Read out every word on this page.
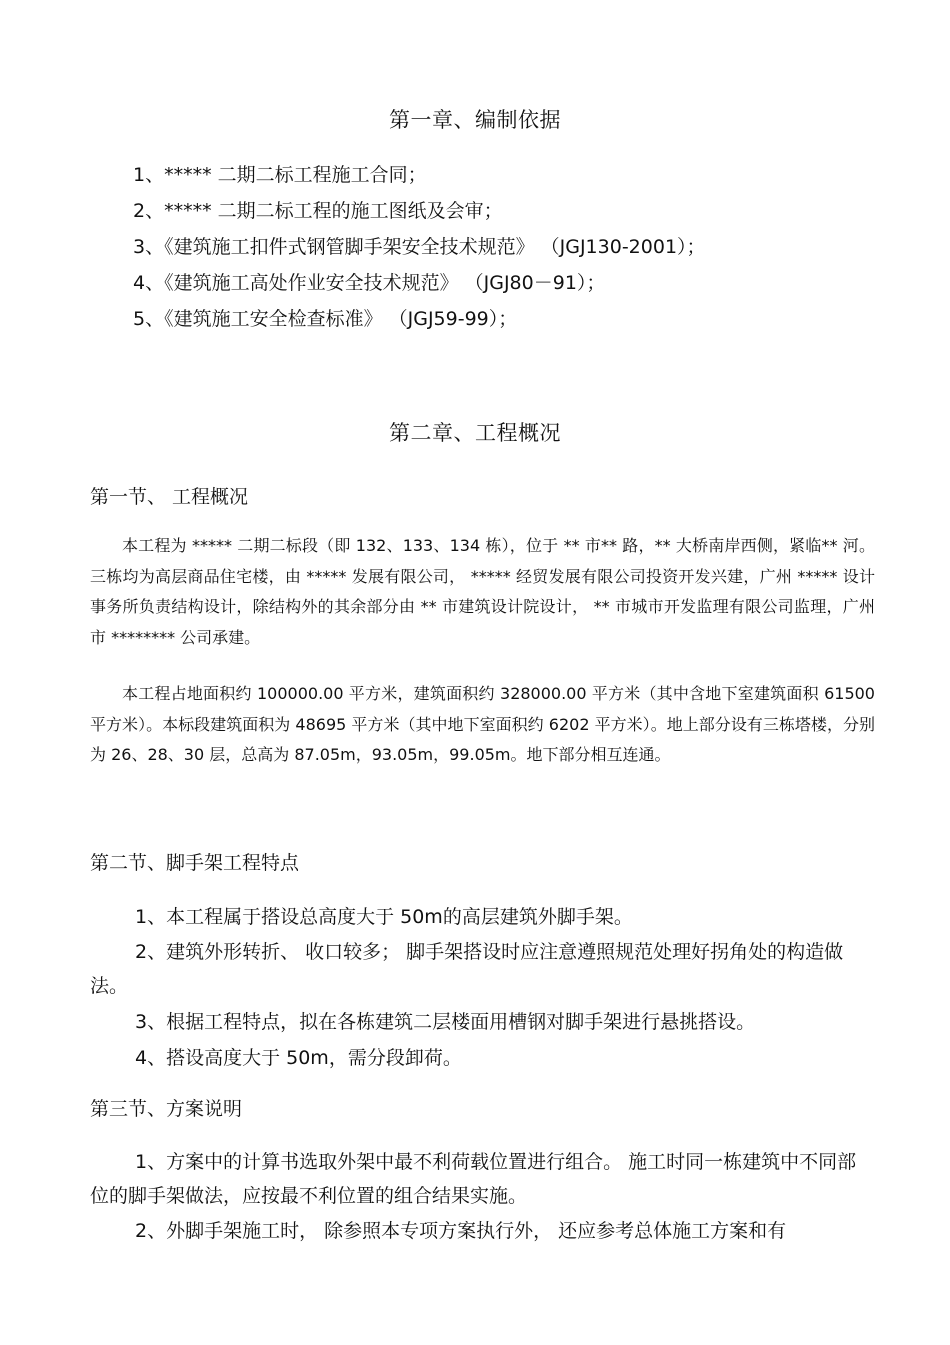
第一章、编制依据
1、***** 二期二标工程施工合同；
2、***** 二期二标工程的施工图纸及会审；
3、《建筑施工扣件式钢管脚手架安全技术规范》 （JGJ130-2001）；
4、《建筑施工高处作业安全技术规范》 （JGJ80－91）；
5、《建筑施工安全检查标准》 （JGJ59-99）；
第二章、工程概况
第一节、 工程概况

本工程为 ***** 二期二标段（即 132、133、134 栋），位于 ** 市** 路，** 大桥南岸西侧，紧临** 河。三栋均为高层商品住宅楼，由 ***** 发展有限公司， ***** 经贸发展有限公司投资开发兴建，广州 ***** 设计事务所负责结构设计，除结构外的其余部分由 ** 市建筑设计院设计， ** 市城市开发监理有限公司监理，广州市 ******** 公司承建。

本工程占地面积约 100000.00 平方米，建筑面积约 328000.00 平方米（其中含地下室建筑面积 61500 平方米）。本标段建筑面积为 48695 平方米（其中地下室面积约 6202 平方米）。地上部分设有三栋塔楼，分别为 26、28、30 层，总高为 87.05m，93.05m，99.05m。地下部分相互连通。

第二节、脚手架工程特点

1、本工程属于搭设总高度大于 50m的高层建筑外脚手架。

2、建筑外形转折、 收口较多； 脚手架搭设时应注意遵照规范处理好拐角处的构造做法。

3、根据工程特点，拟在各栋建筑二层楼面用槽钢对脚手架进行悬挑搭设。

4、搭设高度大于 50m，需分段卸荷。

第三节、方案说明

1、方案中的计算书选取外架中最不利荷载位置进行组合。 施工时同一栋建筑中不同部位的脚手架做法，应按最不利位置的组合结果实施。

2、外脚手架施工时， 除参照本专项方案执行外， 还应参考总体施工方案和有
